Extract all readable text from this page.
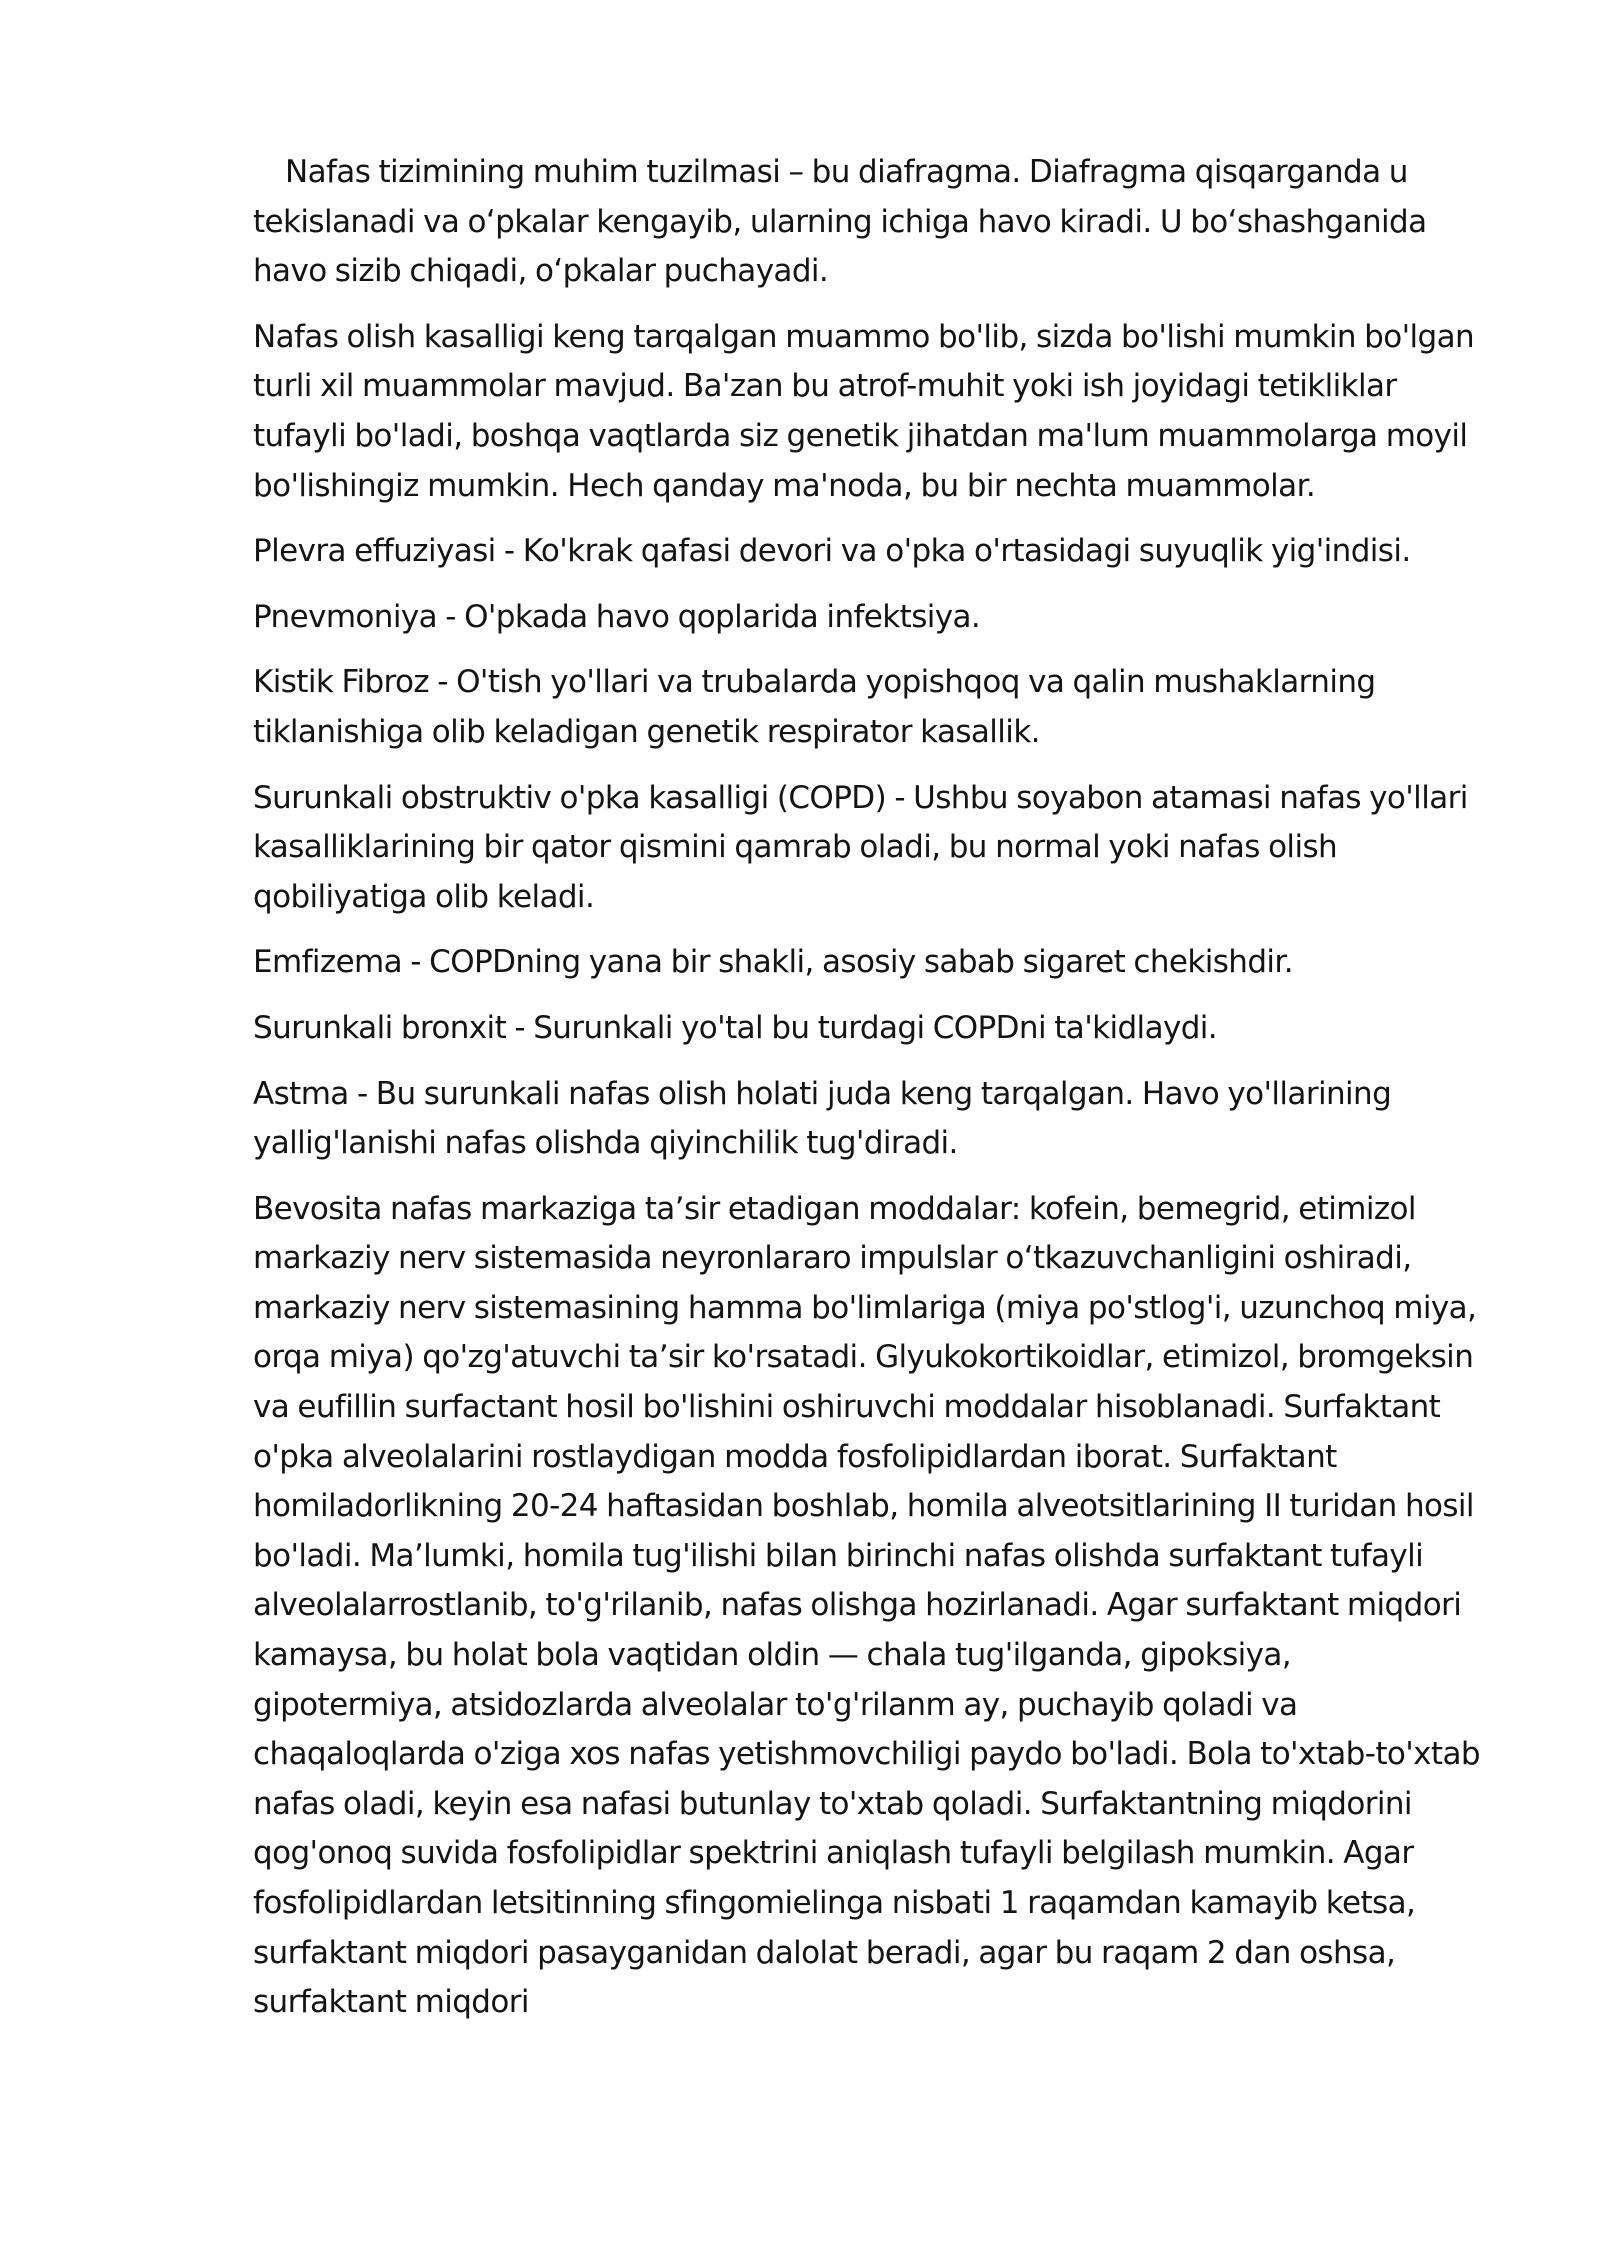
Nafas tizimining muhim tuzilmasi – bu diafragma. Diafragma qisqarganda u tekislanadi va oʻpkalar kengayib, ularning ichiga havo kiradi. U boʻshashganida havo sizib chiqadi, oʻpkalar puchayadi.

Nafas olish kasalligi keng tarqalgan muammo bo'lib, sizda bo'lishi mumkin bo'lgan turli xil muammolar mavjud. Ba'zan bu atrof-muhit yoki ish joyidagi tetikliklar tufayli bo'ladi, boshqa vaqtlarda siz genetik jihatdan ma'lum muammolarga moyil bo'lishingiz mumkin. Hech qanday ma'noda, bu bir nechta muammolar.

Plevra effuziyasi - Ko'krak qafasi devori va o'pka o'rtasidagi suyuqlik yig'indisi.

Pnevmoniya - O'pkada havo qoplarida infektsiya.

Kistik Fibroz - O'tish yo'llari va trubalarda yopishqoq va qalin mushaklarning tiklanishiga olib keladigan genetik respirator kasallik.

Surunkali obstruktiv o'pka kasalligi (COPD) - Ushbu soyabon atamasi nafas yo'llari kasalliklarining bir qator qismini qamrab oladi, bu normal yoki nafas olish qobiliyatiga olib keladi.

Emfizema - COPDning yana bir shakli, asosiy sabab sigaret chekishdir.

Surunkali bronxit - Surunkali yo'tal bu turdagi COPDni ta'kidlaydi.

Astma - Bu surunkali nafas olish holati juda keng tarqalgan. Havo yo'llarining yallig'lanishi nafas olishda qiyinchilik tug'diradi.

Bevosita nafas markaziga ta’sir etadigan moddalar: kofein, bemegrid, etimizol markaziy nerv sistemasida neyronlararo impulslar oʻtkazuvchanligini oshiradi, markaziy nerv sistemasining hamma bo'limlariga (miya po'stlog'i, uzunchoq miya, orqa miya) qo'zg'atuvchi ta’sir ko'rsatadi. Glyukokortikoidlar, etimizol, bromgeksin va eufillin surfactant hosil bo'lishini oshiruvchi moddalar hisoblanadi. Surfaktant o'pka alveolalarini rostlaydigan modda fosfolipidlardan iborat. Surfaktant homiladorlikning 20-24 haftasidan boshlab, homila alveotsitlarining II turidan hosil bo'ladi. Ma’lumki, homila tug'ilishi bilan birinchi nafas olishda surfaktant tufayli alveolalarrostlanib, to'g'rilanib, nafas olishga hozirlanadi. Agar surfaktant miqdori kamaysa, bu holat bola vaqtidan oldin — chala tug'ilganda, gipoksiya, gipotermiya, atsidozlarda alveolalar to'g'rilanm ay, puchayib qoladi va chaqaloqlarda o'ziga xos nafas yetishmovchiligi paydo bo'ladi. Bola to'xtab-to'xtab nafas oladi, keyin esa nafasi butunlay to'xtab qoladi. Surfaktantning miqdorini qog'onoq suvida fosfolipidlar spektrini aniqlash tufayli belgilash mumkin. Agar fosfolipidlardan letsitinning sfingomielinga nisbati 1 raqamdan kamayib ketsa, surfaktant miqdori pasayganidan dalolat beradi, agar bu raqam 2 dan oshsa, surfaktant miqdori
